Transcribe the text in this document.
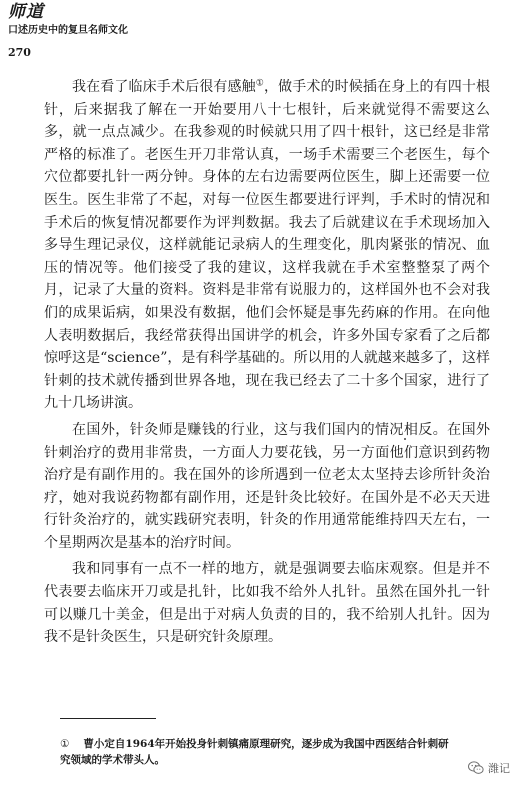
师道
口述历史中的复旦名师文化
270

我在看了临床手术后很有感触①，做手术的时候插在身上的有四十根针，后来据我了解在一开始要用八十七根针，后来就觉得不需要这么多，就一点点减少。在我参观的时候就只用了四十根针，这已经是非常严格的标准了。老医生开刀非常认真，一场手术需要三个老医生，每个穴位都要扎针一两分钟。身体的左右边需要两位医生，脚上还需要一位医生。医生非常了不起，对每一位医生都要进行评判，手术时的情况和手术后的恢复情况都要作为评判数据。我去了后就建议在手术现场加入多导生理记录仪，这样就能记录病人的生理变化，肌肉紧张的情况、血压的情况等。他们接受了我的建议，这样我就在手术室整整泵了两个月，记录了大量的资料。资料是非常有说服力的，这样国外也不会对我们的成果诟病，如果没有数据，他们会怀疑是事先药麻的作用。在向他人表明数据后，我经常获得出国讲学的机会，许多外国专家看了之后都惊呼这是“science”，是有科学基础的。所以用的人就越来越多了，这样针刺的技术就传播到世界各地，现在我已经去了二十多个国家，进行了九十几场讲演。

在国外，针灸师是赚钱的行业，这与我们国内的情况相反。在国外针刺治疗的费用非常贵，一方面人力要花钱，另一方面他们意识到药物治疗是有副作用的。我在国外的诊所遇到一位老太太坚持去诊所针灸治疗，她对我说药物都有副作用，还是针灸比较好。在国外是不必天天进行针灸治疗的，就实践研究表明，针灸的作用通常能维持四天左右，一个星期两次是基本的治疗时间。

我和同事有一点不一样的地方，就是强调要去临床观察。但是并不代表要去临床开刀或是扎针，比如我不给外人扎针。虽然在国外扎一针可以赚几十美金，但是出于对病人负责的目的，我不给别人扎针。因为我不是针灸医生，只是研究针灸原理。

① 曹小定自1964年开始投身针刺镇痛原理研究，逐步成为我国中西医结合针刺研
究领域的学术带头人。
潍记
